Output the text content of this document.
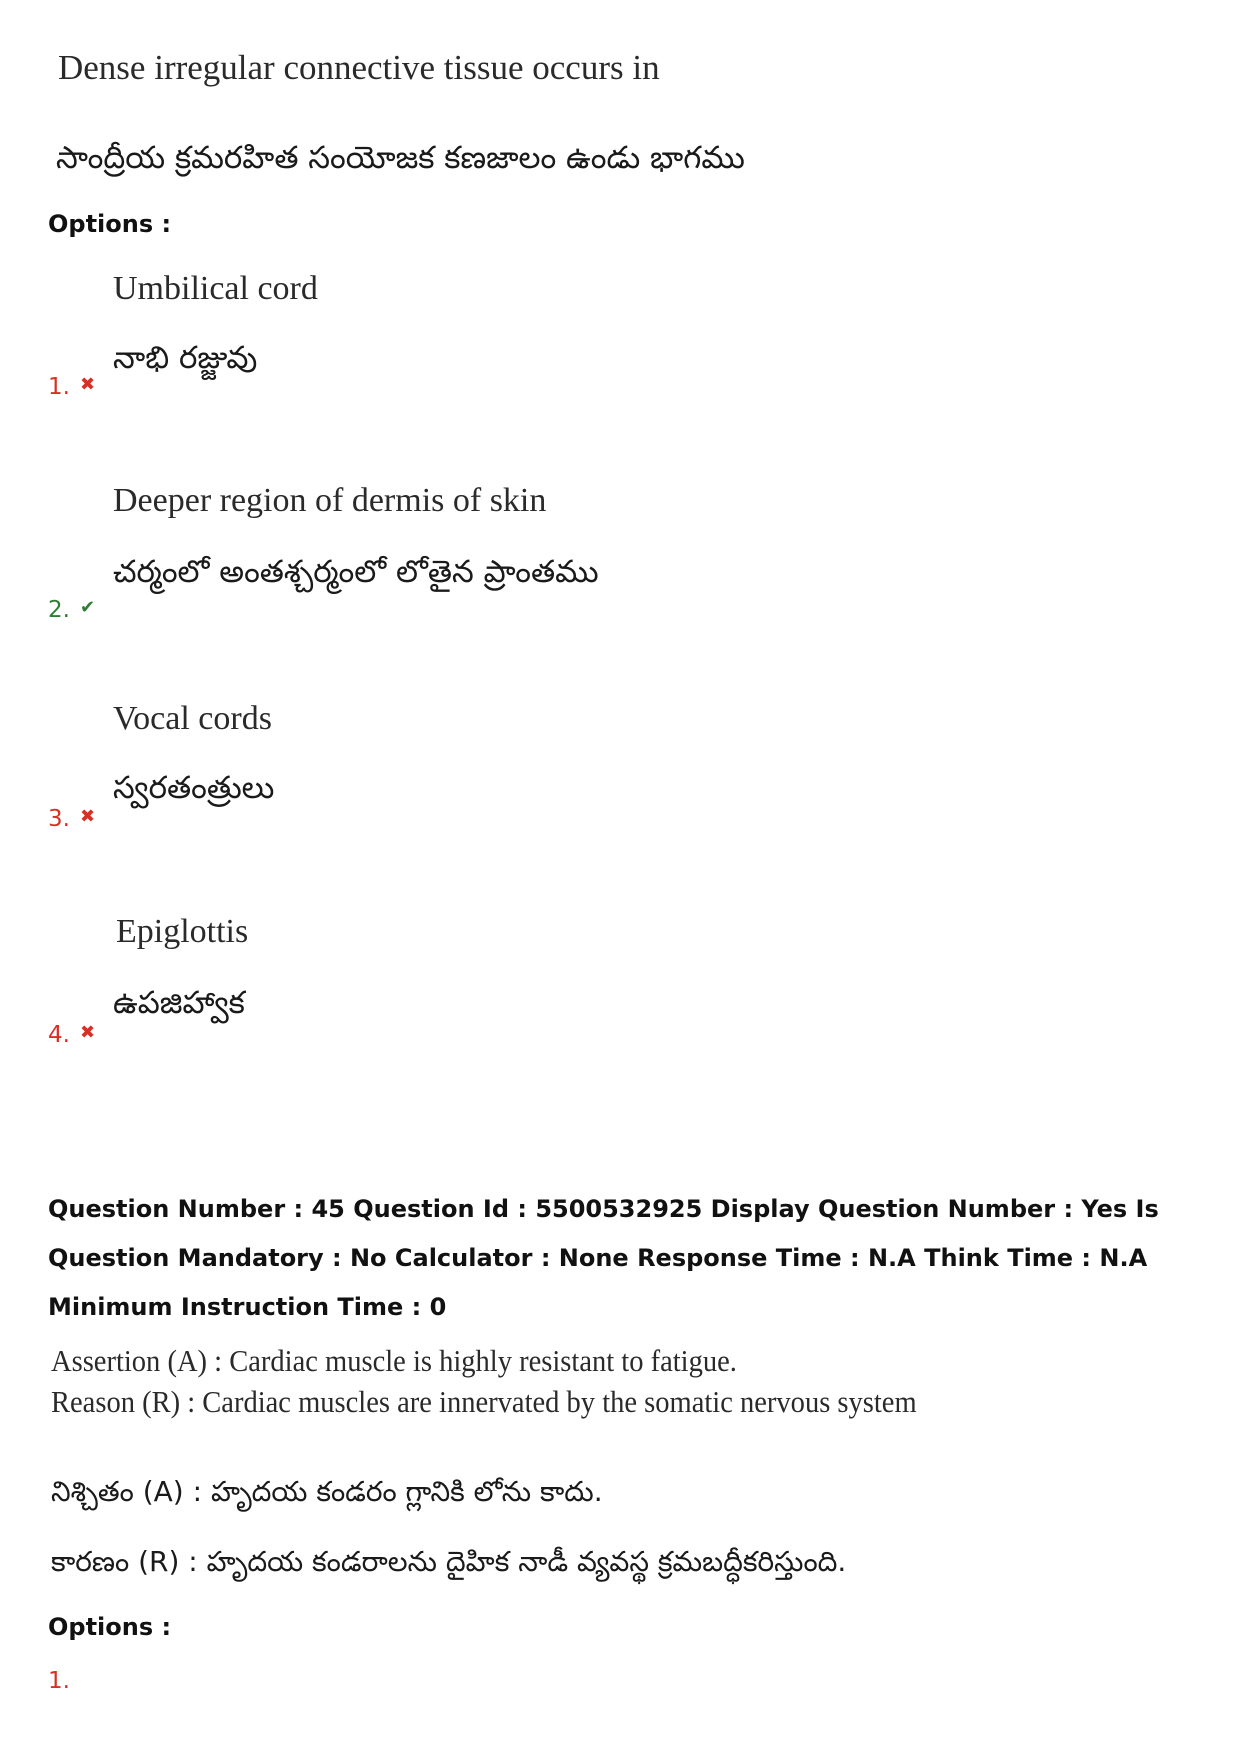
Dense irregular connective tissue occurs in
సాంద్రీయ క్రమరహిత సంయోజక కణజాలం ఉండు భాగము
Options :
Umbilical cord
నాభి రజ్జువు
1. ✖
Deeper region of dermis of skin
చర్మంలో అంతశ్చర్మంలో లోతైన ప్రాంతము
2. ✔
Vocal cords
స్వరతంత్రులు
3. ✖
Epiglottis
ఉపజిహ్వాక
4. ✖
Question Number : 45 Question Id : 5500532925 Display Question Number : Yes Is Question Mandatory : No Calculator : None Response Time : N.A Think Time : N.A Minimum Instruction Time : 0
Assertion (A) : Cardiac muscle is highly resistant to fatigue.
Reason (R) : Cardiac muscles are innervated by the somatic nervous system
నిశ్చితం (A) : హృదయ కండరం గ్లానికి లోను కాదు.
కారణం (R) : హృదయ కండరాలను దైహిక నాడీ వ్యవస్థ క్రమబద్ధీకరిస్తుంది.
Options :
1.
